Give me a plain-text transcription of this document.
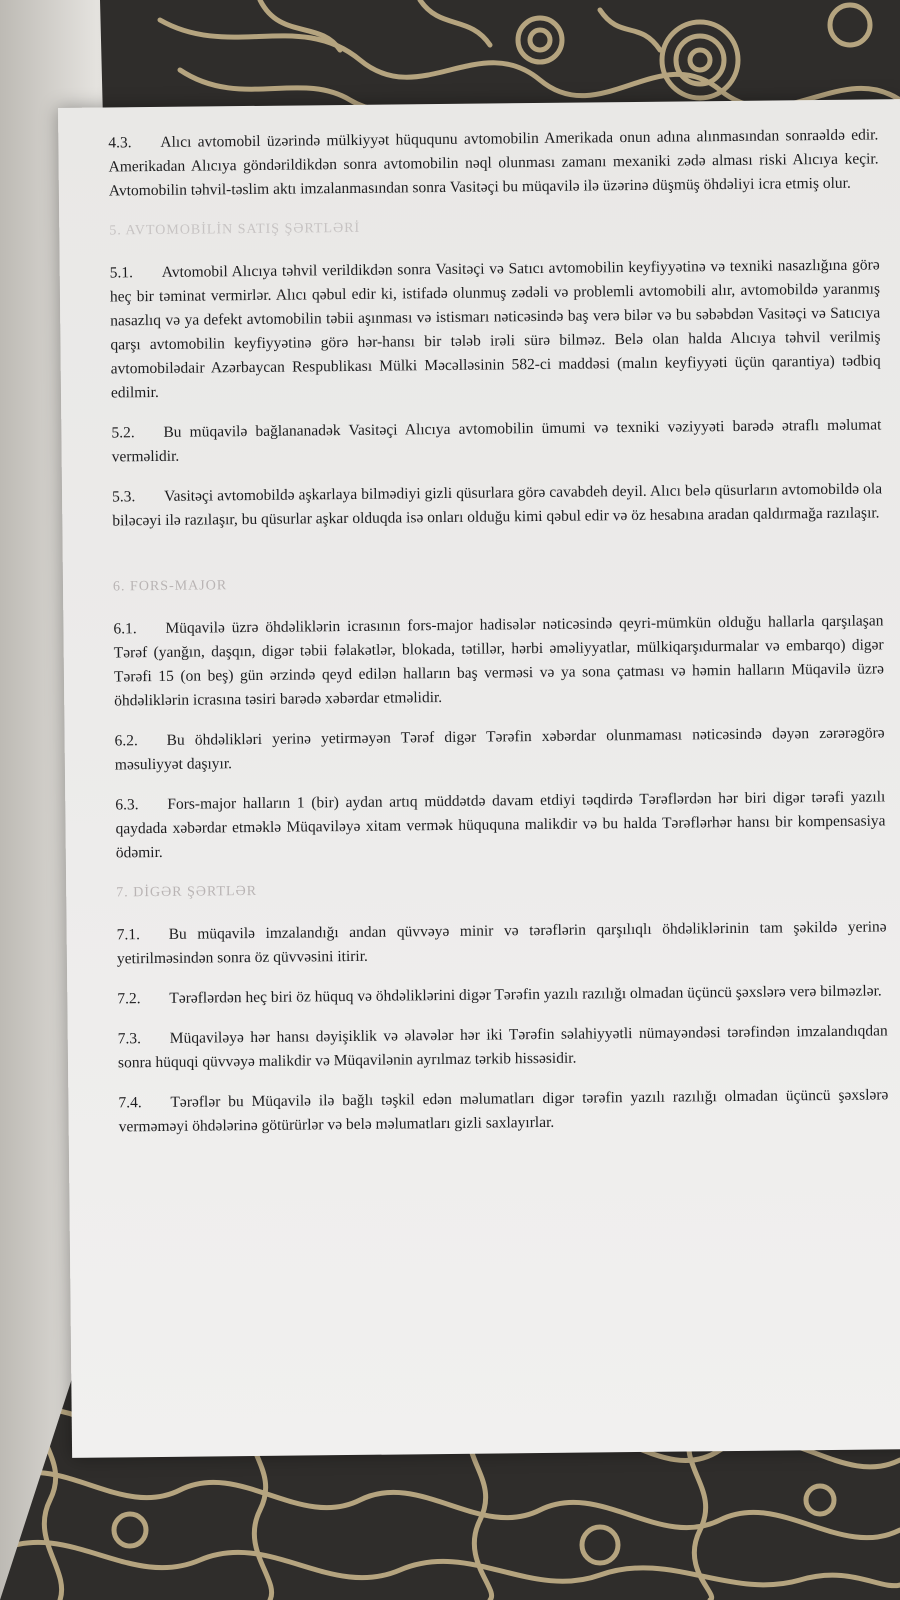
4.3. Alıcı avtomobil üzərində mülkiyyət hüququnu avtomobilin Amerikada onun adına alınmasından sonraəldə edir. Amerikadan Alıcıya göndərildikdən sonra avtomobilin nəql olunması zamanı mexaniki zədə alması riski Alıcıya keçir. Avtomobilin təhvil-təslim aktı imzalanmasından sonra Vasitəçi bu müqavilə ilə üzərinə düşmüş öhdəliyi icra etmiş olur.

5. AVTOMOBİLİN SATIŞ ŞƏRTLƏRİ

5.1. Avtomobil Alıcıya təhvil verildikdən sonra Vasitəçi və Satıcı avtomobilin keyfiyyətinə və texniki nasazlığına görə heç bir təminat vermirlər. Alıcı qəbul edir ki, istifadə olunmuş zədəli və problemli avtomobili alır, avtomobildə yaranmış nasazlıq və ya defekt avtomobilin təbii aşınması və istismarı nəticəsində baş verə bilər və bu səbəbdən Vasitəçi və Satıcıya qarşı avtomobilin keyfiyyətinə görə hər-hansı bir tələb irəli sürə bilməz. Belə olan halda Alıcıya təhvil verilmiş avtomobilədair Azərbaycan Respublikası Mülki Məcəlləsinin 582-ci maddəsi (malın keyfiyyəti üçün qarantiya) tədbiq edilmir.

5.2. Bu müqavilə bağlananadək Vasitəçi Alıcıya avtomobilin ümumi və texniki vəziyyəti barədə ətraflı məlumat verməlidir.

5.3. Vasitəçi avtomobildə aşkarlaya bilmədiyi gizli qüsurlara görə cavabdeh deyil. Alıcı belə qüsurların avtomobildə ola biləcəyi ilə razılaşır, bu qüsurlar aşkar olduqda isə onları olduğu kimi qəbul edir və öz hesabına aradan qaldırmağa razılaşır.

6. FORS-MAJOR

6.1. Müqavilə üzrə öhdəliklərin icrasının fors-major hadisələr nəticəsində qeyri-mümkün olduğu hallarla qarşılaşan Tərəf (yanğın, daşqın, digər təbii fəlakətlər, blokada, tətillər, hərbi əməliyyatlar, mülkiqarşıdurmalar və embarqo) digər Tərəfi 15 (on beş) gün ərzində qeyd edilən halların baş verməsi və ya sona çatması və həmin halların Müqavilə üzrə öhdəliklərin icrasına təsiri barədə xəbərdar etməlidir.

6.2. Bu öhdəlikləri yerinə yetirməyən Tərəf digər Tərəfin xəbərdar olunmaması nəticəsində dəyən zərərəgörə məsuliyyət daşıyır.

6.3. Fors-major halların 1 (bir) aydan artıq müddətdə davam etdiyi təqdirdə Tərəflərdən hər biri digər tərəfi yazılı qaydada xəbərdar etməklə Müqaviləyə xitam vermək hüququna malikdir və bu halda Tərəflərhər hansı bir kompensasiya ödəmir.

7. DİGƏR ŞƏRTLƏR

7.1. Bu müqavilə imzalandığı andan qüvvəyə minir və tərəflərin qarşılıqlı öhdəliklərinin tam şəkildə yerinə yetirilməsindən sonra öz qüvvəsini itirir.

7.2. Tərəflərdən heç biri öz hüquq və öhdəliklərini digər Tərəfin yazılı razılığı olmadan üçüncü şəxslərə verə bilməzlər.

7.3. Müqaviləyə hər hansı dəyişiklik və əlavələr hər iki Tərəfin səlahiyyətli nümayəndəsi tərəfindən imzalandıqdan sonra hüquqi qüvvəyə malikdir və Müqavilənin ayrılmaz tərkib hissəsidir.

7.4. Tərəflər bu Müqavilə ilə bağlı təşkil edən məlumatları digər tərəfin yazılı razılığı olmadan üçüncü şəxslərə verməməyi öhdələrinə götürürlər və belə məlumatları gizli saxlayırlar.
